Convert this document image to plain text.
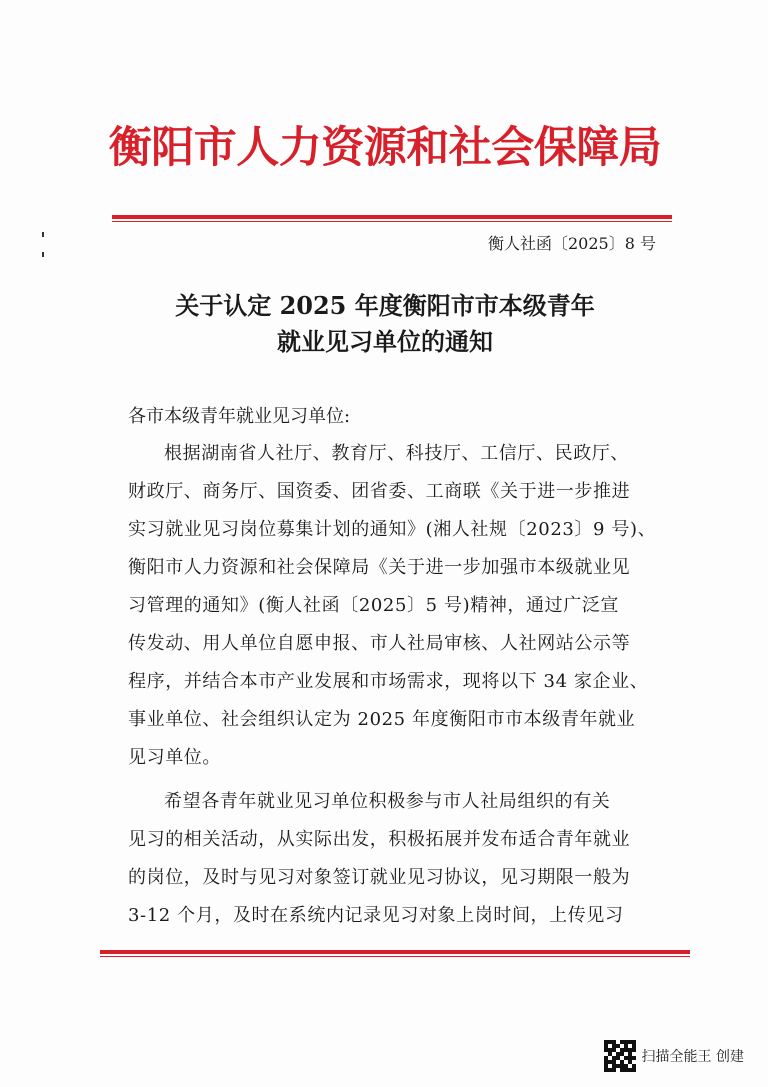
衡阳市人力资源和社会保障局
衡人社函〔2025〕8 号
关于认定 2025 年度衡阳市市本级青年
就业见习单位的通知
各市本级青年就业见习单位:
根据湖南省人社厅、教育厅、科技厅、工信厅、民政厅、
财政厅、商务厅、国资委、团省委、工商联《关于进一步推进
实习就业见习岗位募集计划的通知》(湘人社规〔2023〕9 号)、
衡阳市人力资源和社会保障局《关于进一步加强市本级就业见
习管理的通知》(衡人社函〔2025〕5 号)精神，通过广泛宣
传发动、用人单位自愿申报、市人社局审核、人社网站公示等
程序，并结合本市产业发展和市场需求，现将以下 34 家企业、
事业单位、社会组织认定为 2025 年度衡阳市市本级青年就业
见习单位。
希望各青年就业见习单位积极参与市人社局组织的有关
见习的相关活动，从实际出发，积极拓展并发布适合青年就业
的岗位，及时与见习对象签订就业见习协议，见习期限一般为
3-12 个月，及时在系统内记录见习对象上岗时间，上传见习
扫描全能王 创建
